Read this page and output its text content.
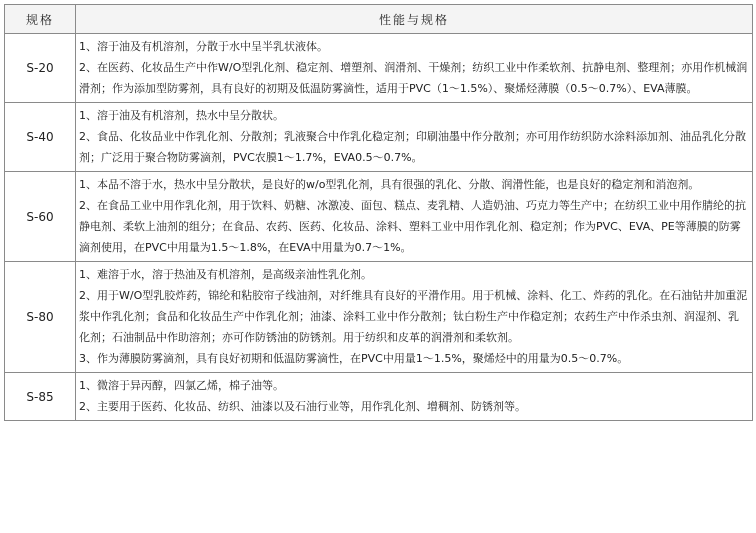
规格	性能与规格
S-20	1、溶于油及有机溶剂，分散于水中呈半乳状液体。

2、在医药、化妆品生产中作W/O型乳化剂、稳定剂、增塑剂、润滑剂、干燥剂；纺织工业中作柔软剂、抗静电剂、整理剂；亦用作机械润滑剂；作为添加型防雾剂，具有良好的初期及低温防雾滴性，适用于PVC（1～1.5%）、聚烯烃薄膜（0.5～0.7%）、EVA薄膜。

S-40	1、溶于油及有机溶剂，热水中呈分散状。

2、食品、化妆品业中作乳化剂、分散剂；乳液聚合中作乳化稳定剂；印刷油墨中作分散剂；亦可用作纺织防水涂料添加剂、油品乳化分散剂；广泛用于聚合物防雾滴剂，PVC农膜1～1.7%，EVA0.5～0.7%。

S-60	1、本品不溶于水，热水中呈分散状，是良好的w/o型乳化剂，具有很强的乳化、分散、润滑性能，也是良好的稳定剂和消泡剂。

2、在食品工业中用作乳化剂，用于饮料、奶糖、冰激凌、面包、糕点、麦乳精、人造奶油、巧克力等生产中；在纺织工业中用作腈纶的抗静电剂、柔软上油剂的组分；在食品、农药、医药、化妆品、涂料、塑料工业中用作乳化剂、稳定剂；作为PVC、EVA、PE等薄膜的防雾滴剂使用，在PVC中用量为1.5～1.8%，在EVA中用量为0.7～1%。

S-80	1、难溶于水，溶于热油及有机溶剂，是高级亲油性乳化剂。

2、用于W/O型乳胶炸药，锦纶和粘胶帘子线油剂，对纤维具有良好的平滑作用。用于机械、涂料、化工、炸药的乳化。在石油钻井加重泥浆中作乳化剂；食品和化妆品生产中作乳化剂；油漆、涂料工业中作分散剂；钛白粉生产中作稳定剂；农药生产中作杀虫剂、润湿剂、乳化剂；石油制品中作助溶剂；亦可作防锈油的防锈剂。用于纺织和皮革的润滑剂和柔软剂。

3、作为薄膜防雾滴剂，具有良好初期和低温防雾滴性，在PVC中用量1～1.5%，聚烯烃中的用量为0.5～0.7%。

S-85	1、微溶于异丙醇，四氯乙烯，棉子油等。

2、主要用于医药、化妆品、纺织、油漆以及石油行业等，用作乳化剂、增稠剂、防锈剂等。
